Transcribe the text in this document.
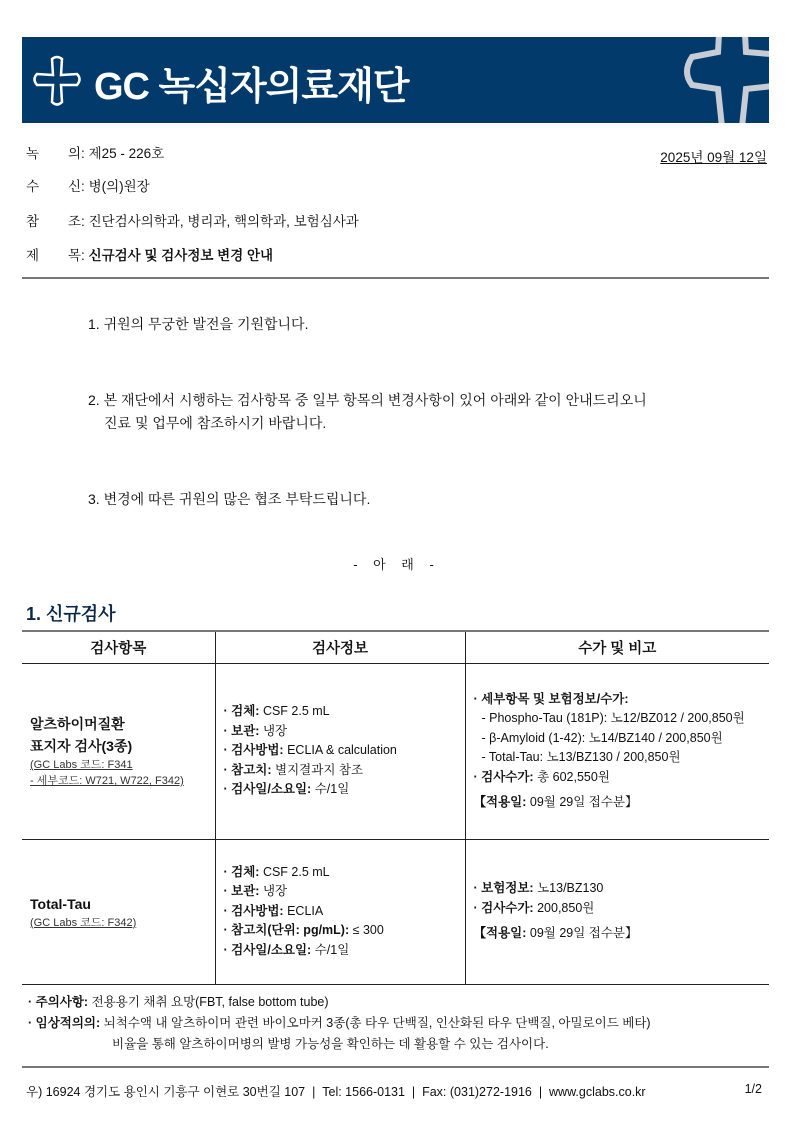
GC 녹십자의료재단
녹 의: 제25 - 226호
수 신: 병(의)원장
참 조: 진단검사의학과, 병리과, 핵의학과, 보험심사과
제 목: 신규검사 및 검사정보 변경 안내
2025년 09월 12일
1. 귀원의 무궁한 발전을 기원합니다.
2. 본 재단에서 시행하는 검사항목 중 일부 항목의 변경사항이 있어 아래와 같이 안내드리오니
진료 및 업무에 참조하시기 바랍니다.
3. 변경에 따른 귀원의 많은 협조 부탁드립니다.
- 아 래 -
1. 신규검사
검사항목	검사정보	수가 및 비고

알츠하이머질환
표지자 검사(3종)
(GC Labs 코드: F341
- 세부코드: W721, W722, F342)

· 검체: CSF 2.5 mL
· 보관: 냉장
· 검사방법: ECLIA & calculation
· 참고치: 별지결과지 참조
· 검사일/소요일: 수/1일

· 세부항목 및 보험정보/수가:
- Phospho-Tau (181P): 노12/BZ012 / 200,850원
- β-Amyloid (1-42): 노14/BZ140 / 200,850원
- Total-Tau: 노13/BZ130 / 200,850원
· 검사수가: 총 602,550원
【적용일: 09월 29일 접수분】

Total-Tau
(GC Labs 코드: F342)

· 검체: CSF 2.5 mL
· 보관: 냉장
· 검사방법: ECLIA
· 참고치(단위: pg/mL): ≤ 300
· 검사일/소요일: 수/1일

· 보험정보: 노13/BZ130
· 검사수가: 200,850원
【적용일: 09월 29일 접수분】
· 주의사항: 전용용기 채취 요망(FBT, false bottom tube)
· 임상적의의: 뇌척수액 내 알츠하이머 관련 바이오마커 3종(총 타우 단백질, 인산화된 타우 단백질, 아밀로이드 베타)
비율을 통해 알츠하이머병의 발병 가능성을 확인하는 데 활용할 수 있는 검사이다.
우) 16924 경기도 용인시 기흥구 이현로 30번길 107  |  Tel: 1566-0131  |  Fax: (031)272-1916  |  www.gclabs.co.kr	1/2
